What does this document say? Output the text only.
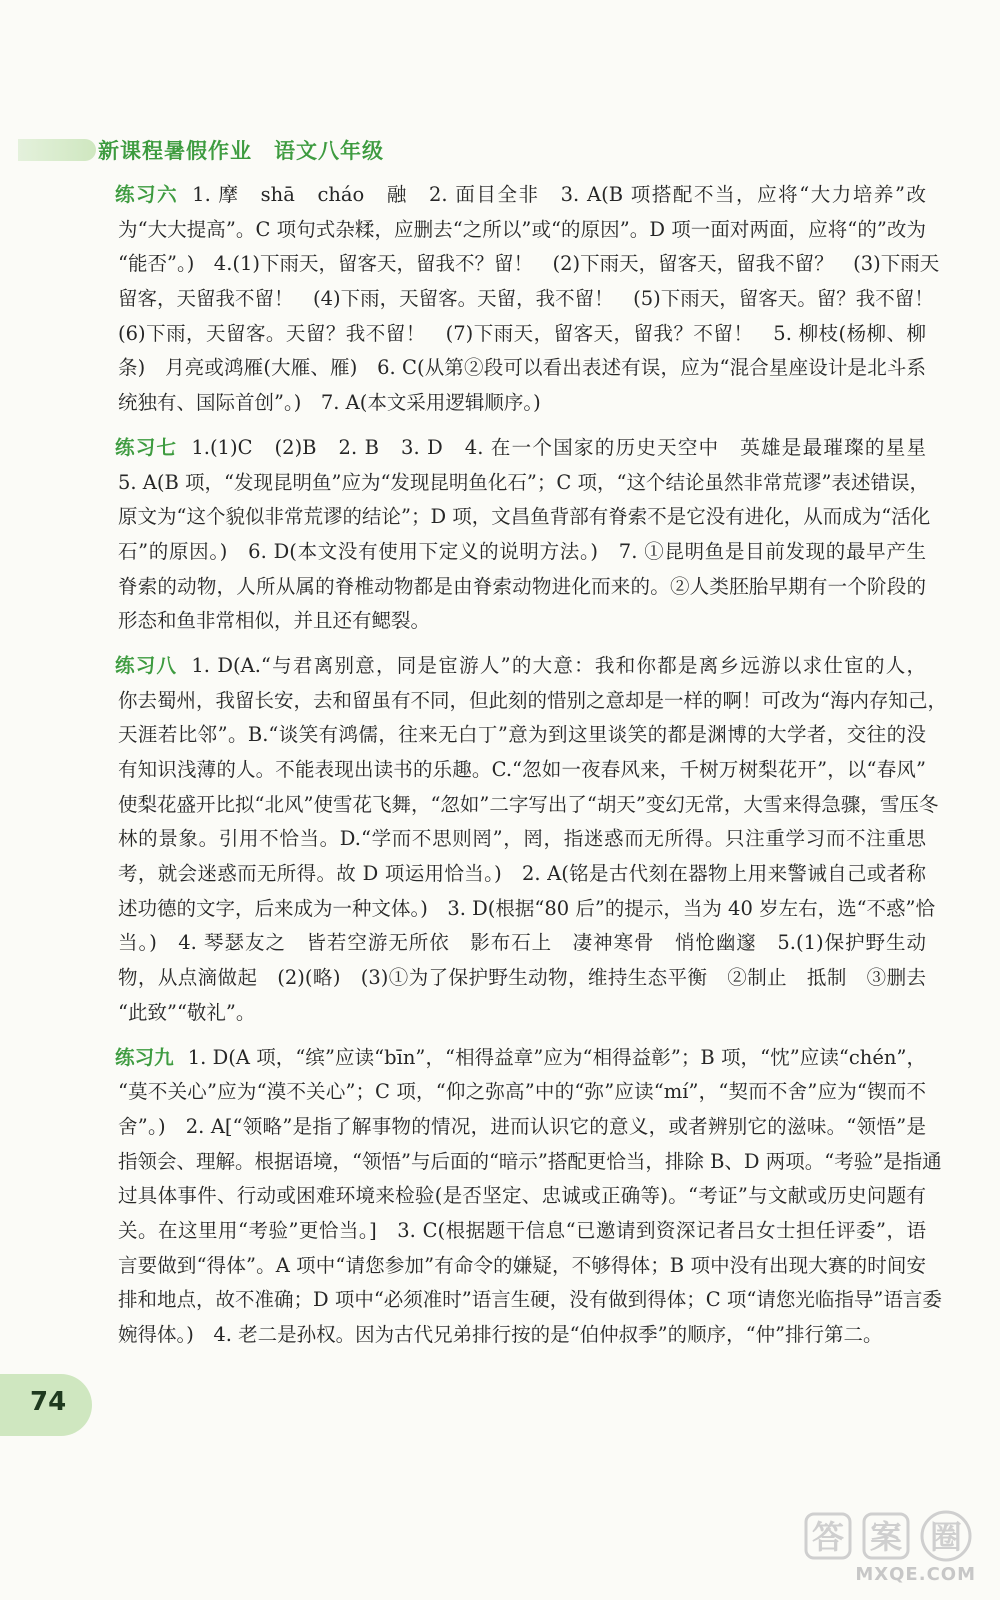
新课程暑假作业　语文八年级
练习六 1. 摩　shā　cháo　融　2. 面目全非　3. A(B 项搭配不当，应将“大力培养”改
为“大大提高”。C 项句式杂糅，应删去“之所以”或“的原因”。D 项一面对两面，应将“的”改为
“能否”。)　4.(1)下雨天，留客天，留我不？留！　(2)下雨天，留客天，留我不留？　(3)下雨天
留客，天留我不留！　(4)下雨，天留客。天留，我不留！　(5)下雨天，留客天。留？我不留！
(6)下雨，天留客。天留？我不留！　(7)下雨天，留客天，留我？不留！　5. 柳枝(杨柳、柳
条)　月亮或鸿雁(大雁、雁)　6. C(从第②段可以看出表述有误，应为“混合星座设计是北斗系
统独有、国际首创”。)　7. A(本文采用逻辑顺序。)
练习七 1.(1)C　(2)B　2. B　3. D　4. 在一个国家的历史天空中　英雄是最璀璨的星星
5. A(B 项，“发现昆明鱼”应为“发现昆明鱼化石”；C 项，“这个结论虽然非常荒谬”表述错误，
原文为“这个貌似非常荒谬的结论”；D 项，文昌鱼背部有脊索不是它没有进化，从而成为“活化
石”的原因。)　6. D(本文没有使用下定义的说明方法。)　7. ①昆明鱼是目前发现的最早产生
脊索的动物，人所从属的脊椎动物都是由脊索动物进化而来的。②人类胚胎早期有一个阶段的
形态和鱼非常相似，并且还有鳃裂。
练习八 1. D(A.“与君离别意，同是宦游人”的大意：我和你都是离乡远游以求仕宦的人，
你去蜀州，我留长安，去和留虽有不同，但此刻的惜别之意却是一样的啊！可改为“海内存知己，
天涯若比邻”。B.“谈笑有鸿儒，往来无白丁”意为到这里谈笑的都是渊博的大学者，交往的没
有知识浅薄的人。不能表现出读书的乐趣。C.“忽如一夜春风来，千树万树梨花开”，以“春风”
使梨花盛开比拟“北风”使雪花飞舞，“忽如”二字写出了“胡天”变幻无常，大雪来得急骤，雪压冬
林的景象。引用不恰当。D.“学而不思则罔”，罔，指迷惑而无所得。只注重学习而不注重思
考，就会迷惑而无所得。故 D 项运用恰当。)　2. A(铭是古代刻在器物上用来警诫自己或者称
述功德的文字，后来成为一种文体。)　3. D(根据“80 后”的提示，当为 40 岁左右，选“不惑”恰
当。)　4. 琴瑟友之　皆若空游无所依　影布石上　凄神寒骨　悄怆幽邃　5.(1)保护野生动
物，从点滴做起　(2)(略)　(3)①为了保护野生动物，维持生态平衡　②制止　抵制　③删去
“此致”“敬礼”。
练习九 1. D(A 项，“缤”应读“bīn”，“相得益章”应为“相得益彰”；B 项，“忱”应读“chén”，
“莫不关心”应为“漠不关心”；C 项，“仰之弥高”中的“弥”应读“mí”，“契而不舍”应为“锲而不
舍”。)　2. A[“领略”是指了解事物的情况，进而认识它的意义，或者辨别它的滋味。“领悟”是
指领会、理解。根据语境，“领悟”与后面的“暗示”搭配更恰当，排除 B、D 两项。“考验”是指通
过具体事件、行动或困难环境来检验(是否坚定、忠诚或正确等)。“考证”与文献或历史问题有
关。在这里用“考验”更恰当。]　3. C(根据题干信息“已邀请到资深记者吕女士担任评委”，语
言要做到“得体”。A 项中“请您参加”有命令的嫌疑，不够得体；B 项中没有出现大赛的时间安
排和地点，故不准确；D 项中“必须准时”语言生硬，没有做到得体；C 项“请您光临指导”语言委
婉得体。)　4. 老二是孙权。因为古代兄弟排行按的是“伯仲叔季”的顺序，“仲”排行第二。
74
答 案 圈
MXQE.COM
